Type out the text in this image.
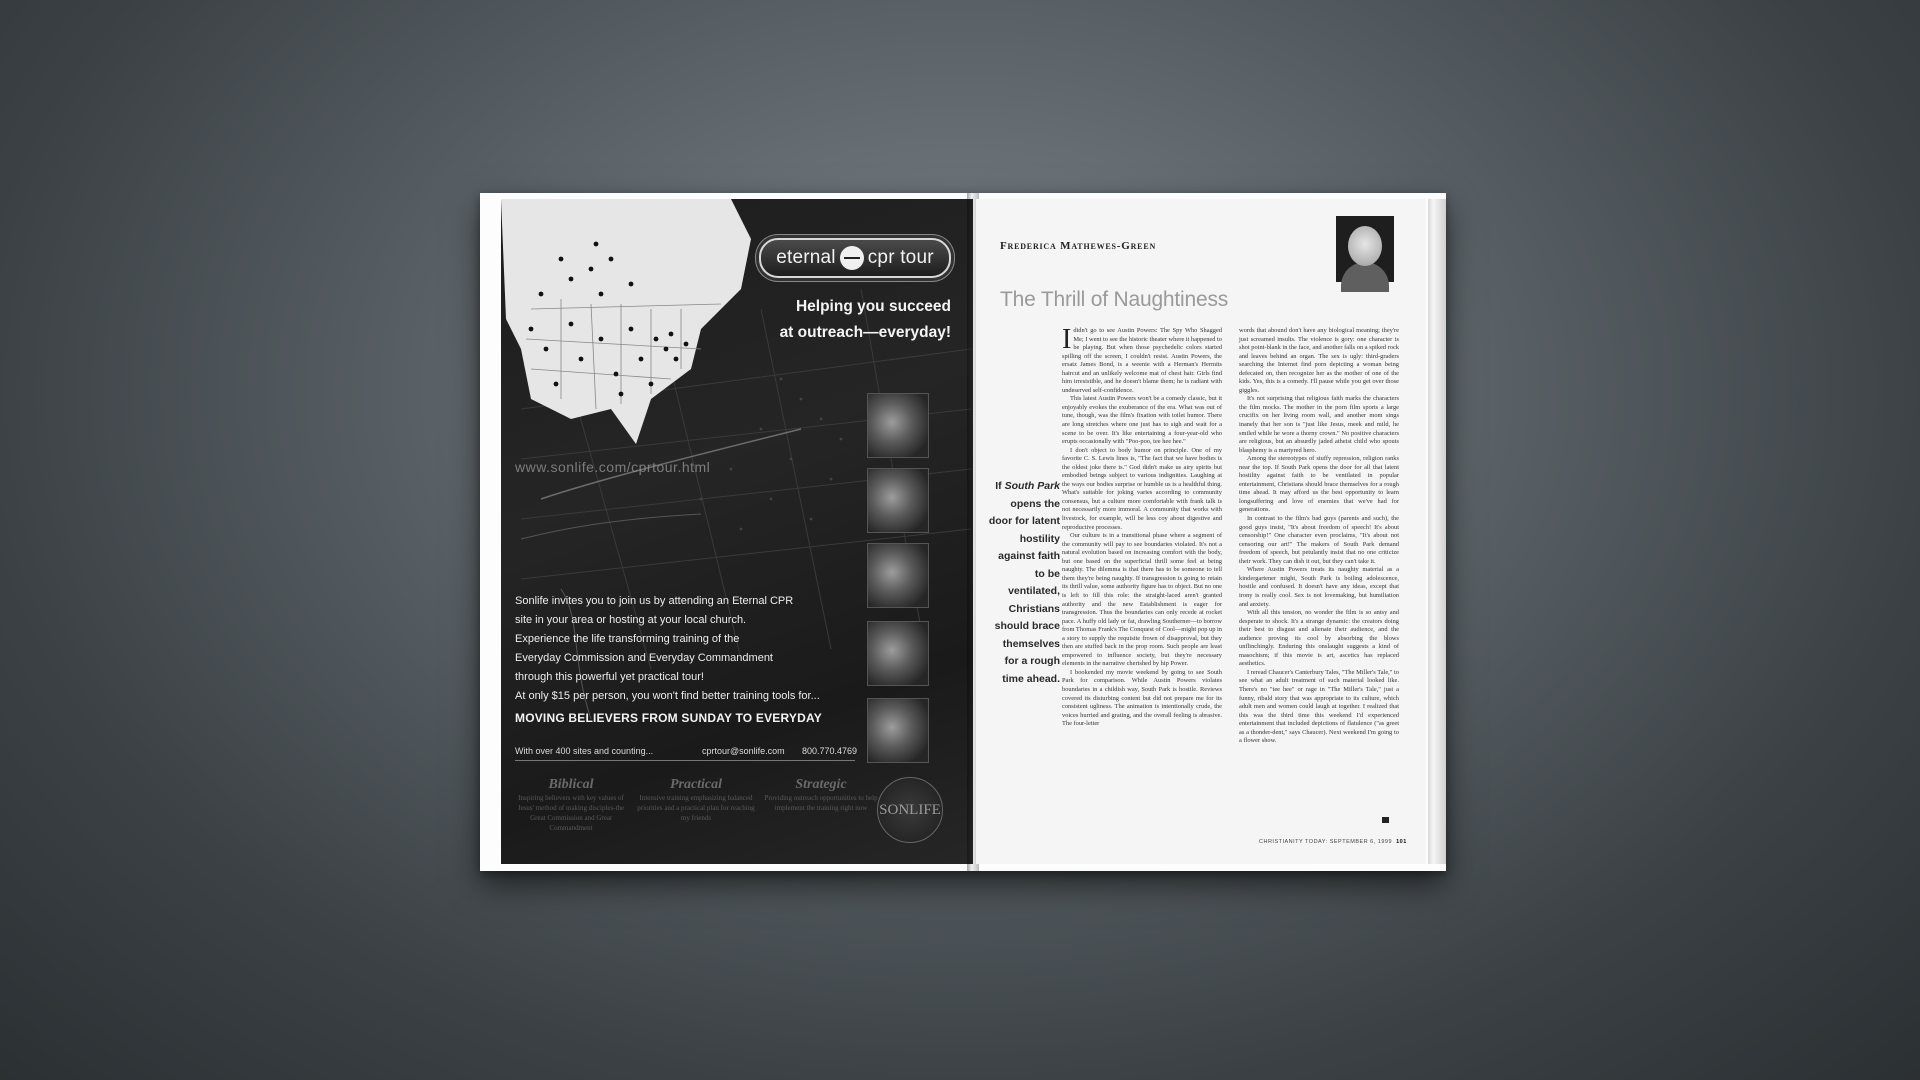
eternal cpr tour
Helping you succeed
at outreach—everyday!
www.sonlife.com/cprtour.html

Sonlife invites you to join us by attending an Eternal CPR

site in your area or hosting at your local church.

Experience the life transforming training of the

Everyday Commission and Everyday Commandment

through this powerful yet practical tour!

At only $15 per person, you won't find better training tools for...

MOVING BELIEVERS FROM SUNDAY TO EVERYDAY
With over 400 sites and counting...	cprtour@sonlife.com 800.770.4769
Biblical
Inspiring believers with key values of Jesus' method of making disciples-the Great Commission and Great Commandment
Practical
Intensive training emphasizing balanced priorities and a practical plan for reaching my friends
Strategic
Providing outreach opportunities to help implement the training right now SONLIFE
Frederica Mathewes-Green
The Thrill of Naughtiness
If South Park opens the door for latent hostility against faith to be ventilated, Christians should brace themselves for a rough time ahead.

Ididn't go to see Austin Powers: The Spy Who Shagged Me; I went to see the historic theater where it happened to be playing. But when those psychedelic colors started spilling off the screen, I couldn't resist. Austin Powers, the ersatz James Bond, is a weenie with a Herman's Hermits haircut and an unlikely welcome mat of chest hair. Girls find him irresistible, and he doesn't blame them; he is radiant with undeserved self-confidence.

This latest Austin Powers won't be a comedy classic, but it enjoyably evokes the exuberance of the era. What was out of tune, though, was the film's fixation with toilet humor. There are long stretches where one just has to sigh and wait for a scene to be over. It's like entertaining a four-year-old who erupts occasionally with "Poo-poo, tee hee hee."

I don't object to body humor on principle. One of my favorite C. S. Lewis lines is, "The fact that we have bodies is the oldest joke there is." God didn't make us airy spirits but embodied beings subject to various indignities. Laughing at the ways our bodies surprise or humble us is a healthful thing. What's suitable for joking varies according to community consensus, but a culture more comfortable with frank talk is not necessarily more immoral. A community that works with livestock, for example, will be less coy about digestive and reproductive processes.

Our culture is in a transitional phase where a segment of the community will pay to see boundaries violated. It's not a natural evolution based on increasing comfort with the body, but one based on the superficial thrill some feel at being naughty. The dilemma is that there has to be someone to tell them they're being naughty. If transgression is going to retain its thrill value, some authority figure has to object. But no one is left to fill this role: the straight-laced aren't granted authority and the new Establishment is eager for transgression. Thus the boundaries can only recede at rocket pace. A huffy old lady or fat, drawling Southerner—to borrow from Thomas Frank's The Conquest of Cool—might pop up in a story to supply the requisite frown of disapproval, but they then are stuffed back in the prop room. Such people are least empowered to influence society, but they're necessary elements in the narrative cherished by hip Power.

I bookended my movie weekend by going to see South Park for comparison. While Austin Powers violates boundaries in a childish way, South Park is hostile. Reviews covered its disturbing content but did not prepare me for its consistent ugliness. The animation is intentionally crude, the voices hurried and grating, and the overall feeling is abrasive. The four-letter

words that abound don't have any biological meaning; they're just screamed insults. The violence is gory: one character is shot point-blank in the face, and another falls on a spiked rock and leaves behind an organ. The sex is ugly: third-graders searching the Internet find porn depicting a woman being defecated on, then recognize her as the mother of one of the kids. Yes, this is a comedy. I'll pause while you get over those giggles.

It's not surprising that religious faith marks the characters the film mocks. The mother in the porn film sports a large crucifix on her living room wall, and another mom sings inanely that her son is "just like Jesus, meek and mild, he smiled while he wore a thorny crown." No positive characters are religious, but an absurdly jaded atheist child who spouts blasphemy is a martyred hero.

Among the stereotypes of stuffy repression, religion ranks near the top. If South Park opens the door for all that latent hostility against faith to be ventilated in popular entertainment, Christians should brace themselves for a rough time ahead. It may afford us the best opportunity to learn longsuffering and love of enemies that we've had for generations.

In contrast to the film's bad guys (parents and such), the good guys insist, "It's about freedom of speech! It's about censorship!" One character even proclaims, "It's about not censoring our art!" The makers of South Park demand freedom of speech, but petulantly insist that no one criticize their work. They can dish it out, but they can't take it.

Where Austin Powers treats its naughty material as a kindergartener might, South Park is boiling adolescence, hostile and confused. It doesn't have any ideas, except that irony is really cool. Sex is not lovemaking, but humiliation and anxiety.

With all this tension, no wonder the film is so antsy and desperate to shock. It's a strange dynamic: the creators doing their best to disgust and alienate their audience, and the audience proving its cool by absorbing the blows unflinchingly. Enduring this onslaught suggests a kind of masochism; if this movie is art, ascetics has replaced aesthetics.

I reread Chaucer's Canterbury Tales, "The Miller's Tale," to see what an adult treatment of such material looked like. There's no "tee hee" or rage in "The Miller's Tale," just a funny, ribald story that was appropriate to its culture, which adult men and women could laugh at together. I realized that this was the third time this weekend I'd experienced entertainment that included depictions of flatulence ("as greet as a thonder-dent," says Chaucer). Next weekend I'm going to a flower show.

CHRISTIANITY TODAY: SEPTEMBER 6, 1999 101
